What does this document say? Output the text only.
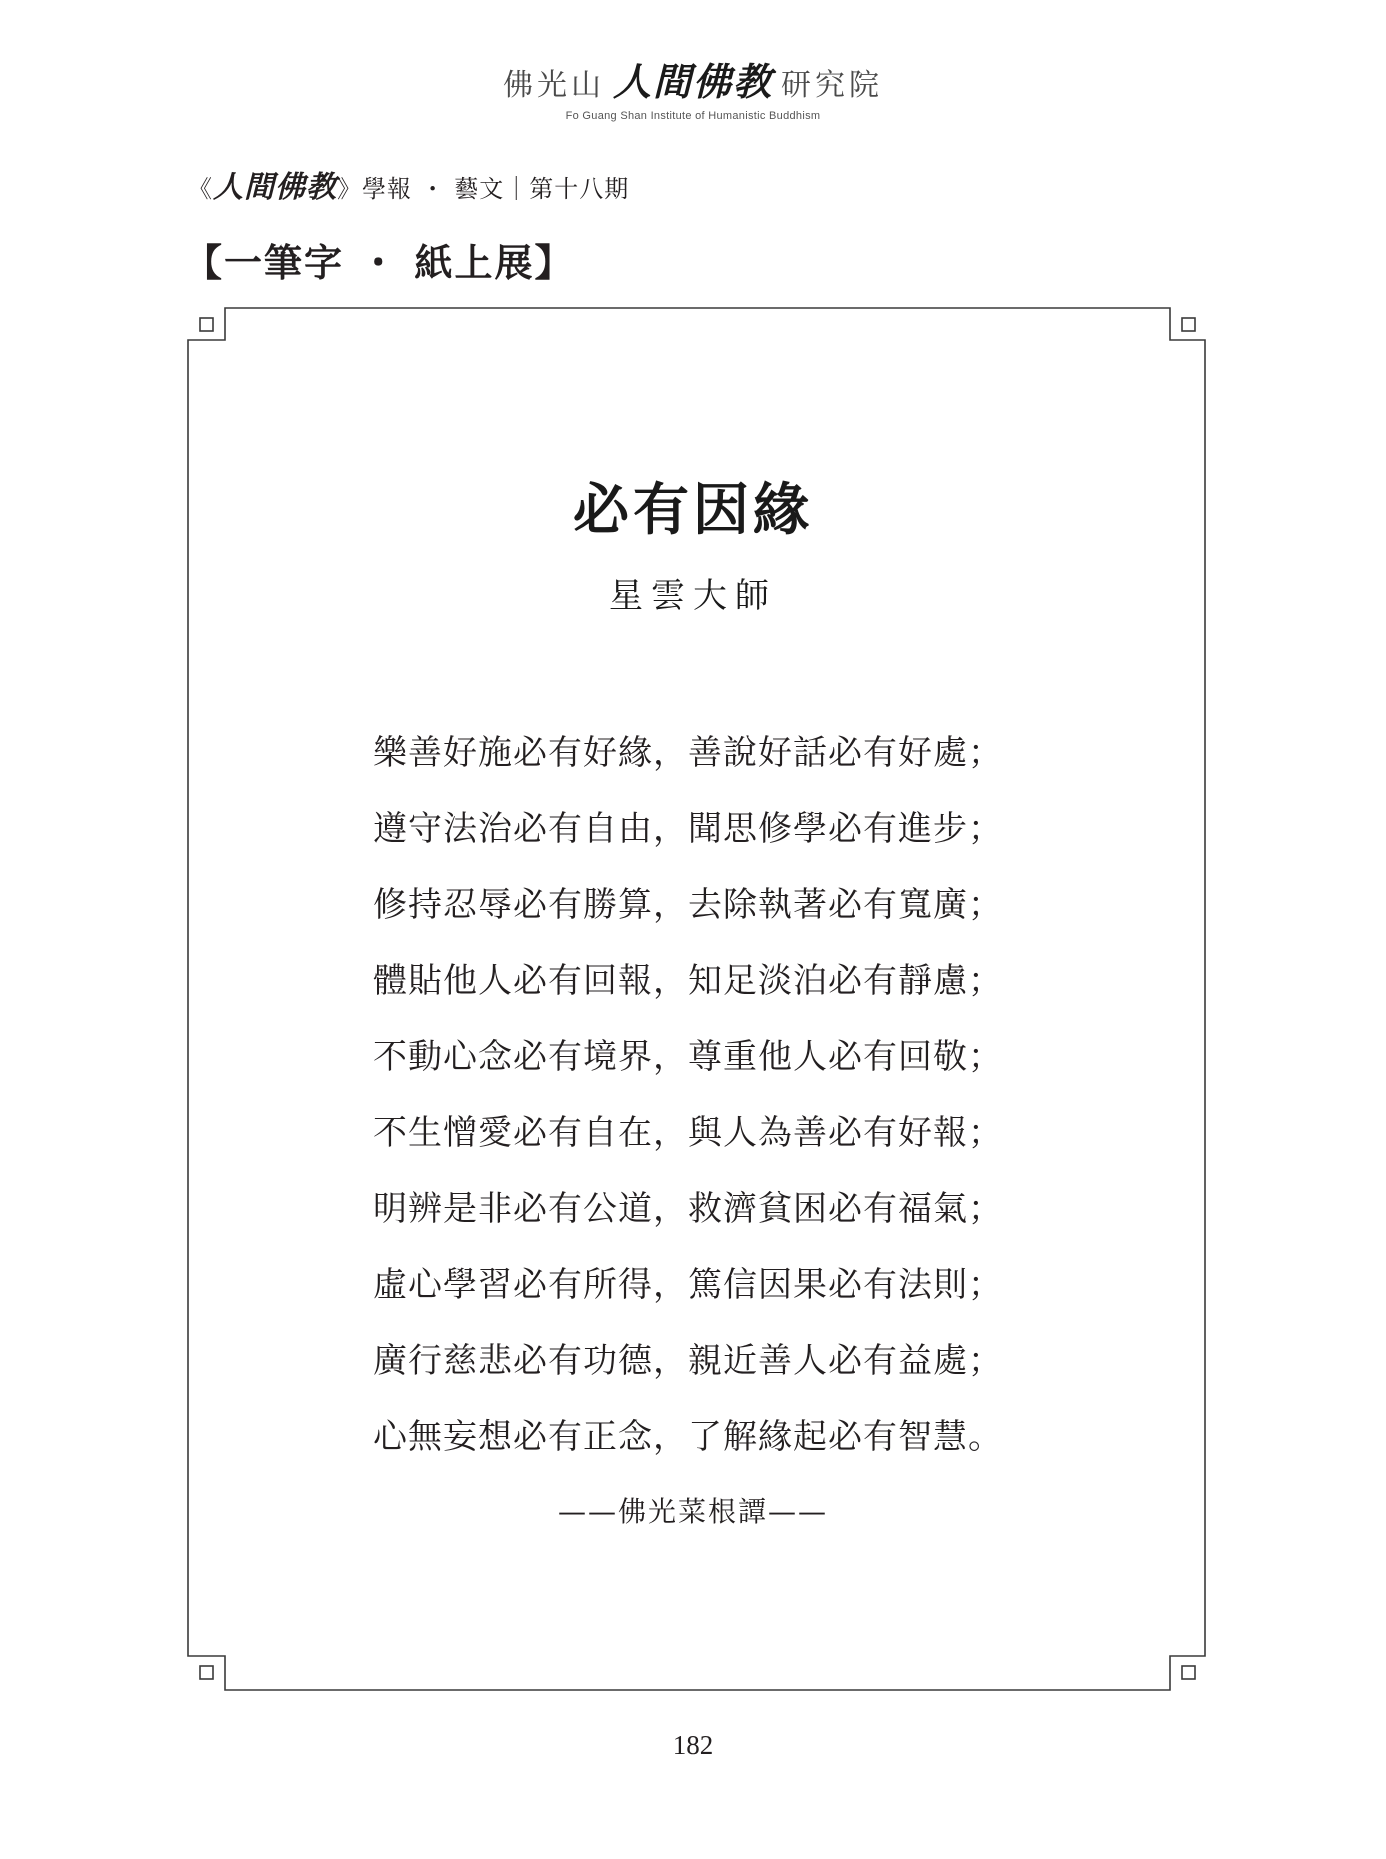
佛光山 人間佛教 研究院
Fo Guang Shan Institute of Humanistic Buddhism
《人間佛教》學報 ・ 藝文｜第十八期
【一筆字 ・ 紙上展】
必有因緣
星雲大師
樂善好施必有好緣，善說好話必有好處；
遵守法治必有自由，聞思修學必有進步；
修持忍辱必有勝算，去除執著必有寬廣；
體貼他人必有回報，知足淡泊必有靜慮；
不動心念必有境界，尊重他人必有回敬；
不生憎愛必有自在，與人為善必有好報；
明辨是非必有公道，救濟貧困必有福氣；
虛心學習必有所得，篤信因果必有法則；
廣行慈悲必有功德，親近善人必有益處；
心無妄想必有正念，了解緣起必有智慧。
——佛光菜根譚——
182
